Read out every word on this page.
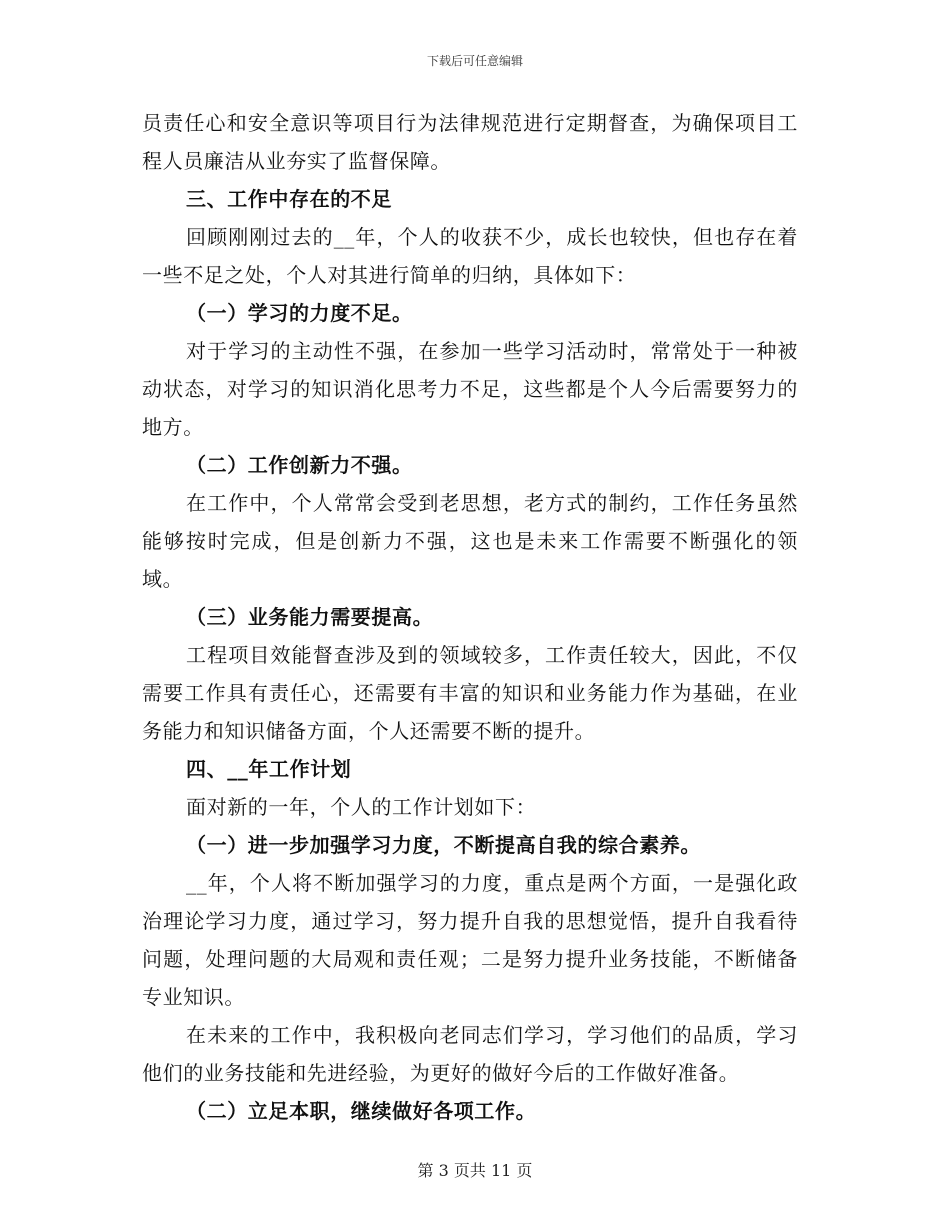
下载后可任意编辑

员责任心和安全意识等项目行为法律规范进行定期督查，为确保项目工程人员廉洁从业夯实了监督保障。

三、工作中存在的不足

回顾刚刚过去的__年，个人的收获不少，成长也较快，但也存在着一些不足之处，个人对其进行简单的归纳，具体如下：

（一）学习的力度不足。

对于学习的主动性不强，在参加一些学习活动时，常常处于一种被动状态，对学习的知识消化思考力不足，这些都是个人今后需要努力的地方。

（二）工作创新力不强。

在工作中，个人常常会受到老思想，老方式的制约，工作任务虽然能够按时完成，但是创新力不强，这也是未来工作需要不断强化的领域。

（三）业务能力需要提高。

工程项目效能督查涉及到的领域较多，工作责任较大，因此，不仅需要工作具有责任心，还需要有丰富的知识和业务能力作为基础，在业务能力和知识储备方面，个人还需要不断的提升。

四、__年工作计划

面对新的一年，个人的工作计划如下：

（一）进一步加强学习力度，不断提高自我的综合素养。

__年，个人将不断加强学习的力度，重点是两个方面，一是强化政治理论学习力度，通过学习，努力提升自我的思想觉悟，提升自我看待问题，处理问题的大局观和责任观；二是努力提升业务技能，不断储备专业知识。

在未来的工作中，我积极向老同志们学习，学习他们的品质，学习他们的业务技能和先进经验，为更好的做好今后的工作做好准备。

（二）立足本职，继续做好各项工作。

第 3 页共 11 页
